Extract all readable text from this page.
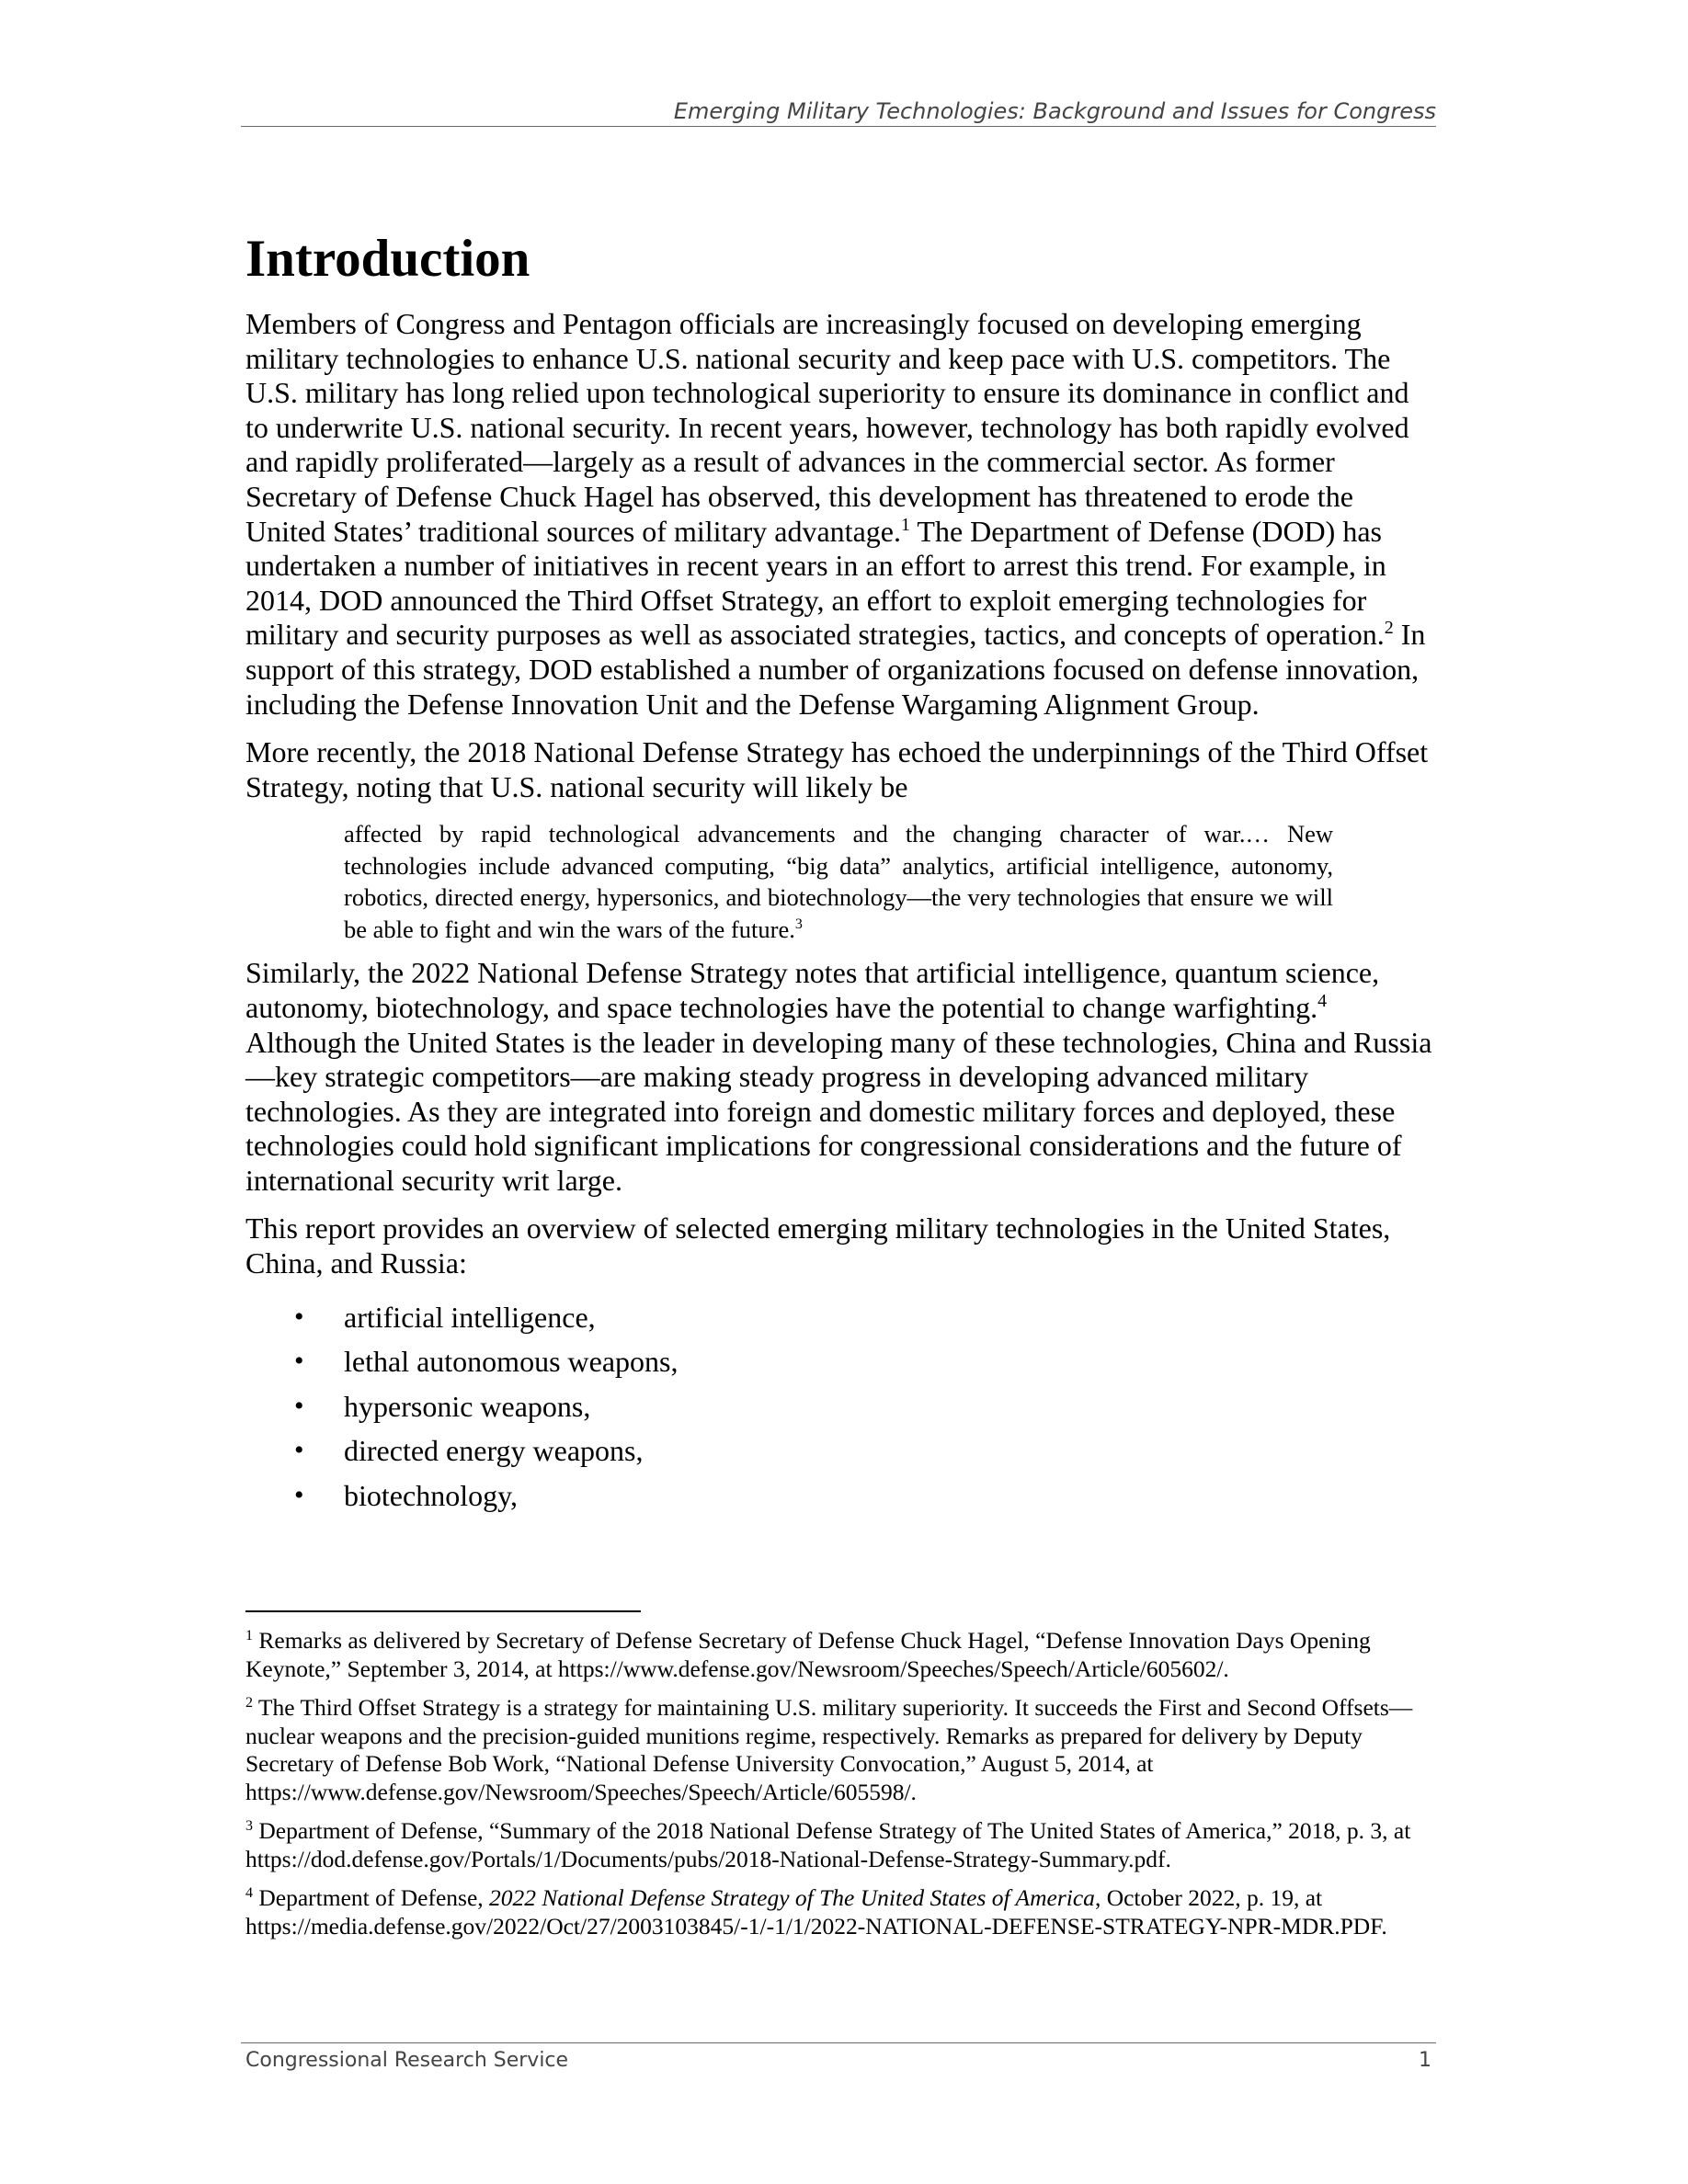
Emerging Military Technologies: Background and Issues for Congress
Introduction

Members of Congress and Pentagon officials are increasingly focused on developing emerging military technologies to enhance U.S. national security and keep pace with U.S. competitors. The U.S. military has long relied upon technological superiority to ensure its dominance in conflict and to underwrite U.S. national security. In recent years, however, technology has both rapidly evolved and rapidly proliferated—largely as a result of advances in the commercial sector. As former Secretary of Defense Chuck Hagel has observed, this development has threatened to erode the United States’ traditional sources of military advantage.$^1$ The Department of Defense (DOD) has undertaken a number of initiatives in recent years in an effort to arrest this trend. For example, in 2014, DOD announced the Third Offset Strategy, an effort to exploit emerging technologies for military and security purposes as well as associated strategies, tactics, and concepts of operation.$^2$ In support of this strategy, DOD established a number of organizations focused on defense innovation, including the Defense Innovation Unit and the Defense Wargaming Alignment Group.

More recently, the 2018 National Defense Strategy has echoed the underpinnings of the Third Offset Strategy, noting that U.S. national security will likely be

affected by rapid technological advancements and the changing character of war.… New technologies include advanced computing, “big data” analytics, artificial intelligence, autonomy, robotics, directed energy, hypersonics, and biotechnology—the very technologies that ensure we will be able to fight and win the wars of the future.$^3$

Similarly, the 2022 National Defense Strategy notes that artificial intelligence, quantum science, autonomy, biotechnology, and space technologies have the potential to change warfighting.$^4$ Although the United States is the leader in developing many of these technologies, China and Russia—key strategic competitors—are making steady progress in developing advanced military technologies. As they are integrated into foreign and domestic military forces and deployed, these technologies could hold significant implications for congressional considerations and the future of international security writ large.

This report provides an overview of selected emerging military technologies in the United States, China, and Russia:

• artificial intelligence,
• lethal autonomous weapons,
• hypersonic weapons,
• directed energy weapons,
• biotechnology,

$^1$ Remarks as delivered by Secretary of Defense Secretary of Defense Chuck Hagel, “Defense Innovation Days Opening Keynote,” September 3, 2014, at https://www.defense.gov/Newsroom/Speeches/Speech/Article/605602/.

$^2$ The Third Offset Strategy is a strategy for maintaining U.S. military superiority. It succeeds the First and Second Offsets—nuclear weapons and the precision-guided munitions regime, respectively. Remarks as prepared for delivery by Deputy Secretary of Defense Bob Work, “National Defense University Convocation,” August 5, 2014, at https://www.defense.gov/Newsroom/Speeches/Speech/Article/605598/.

$^3$ Department of Defense, “Summary of the 2018 National Defense Strategy of The United States of America,” 2018, p. 3, at https://dod.defense.gov/Portals/1/Documents/pubs/2018-National-Defense-Strategy-Summary.pdf.

$^4$ Department of Defense, 2022 National Defense Strategy of The United States of America, October 2022, p. 19, at https://media.defense.gov/2022/Oct/27/2003103845/-1/-1/1/2022-NATIONAL-DEFENSE-STRATEGY-NPR-MDR.PDF.

Congressional Research Service	1
